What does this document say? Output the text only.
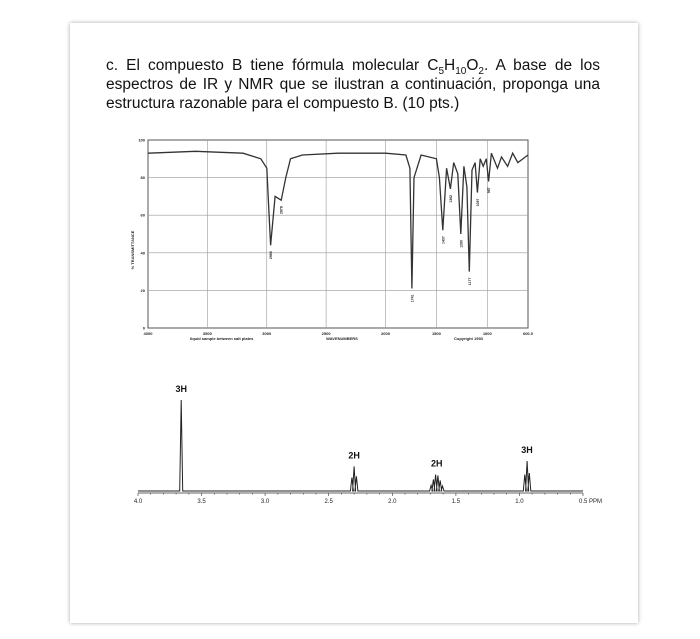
c. El compuesto B tiene fórmula molecular $C_5H_{10}O_2$. A base de los espectros de IR y NMR que se ilustran a continuación, proponga una estructura razonable para el compuesto B. (10 pts.)

% TRANSMITTANCE
100
80
60
40
20
0
4000	3500	3000	2500	2000	1500	1000	600.0
2968
2878
1741
1437
1362
1260
1177
1097
987
liquid sample between salt plates	WAVENUMBERS	Copyright 1993
3H
2H
2H
3H
4.0	3.5	3.0	2.5	2.0	1.5	1.0	0.5 PPM
